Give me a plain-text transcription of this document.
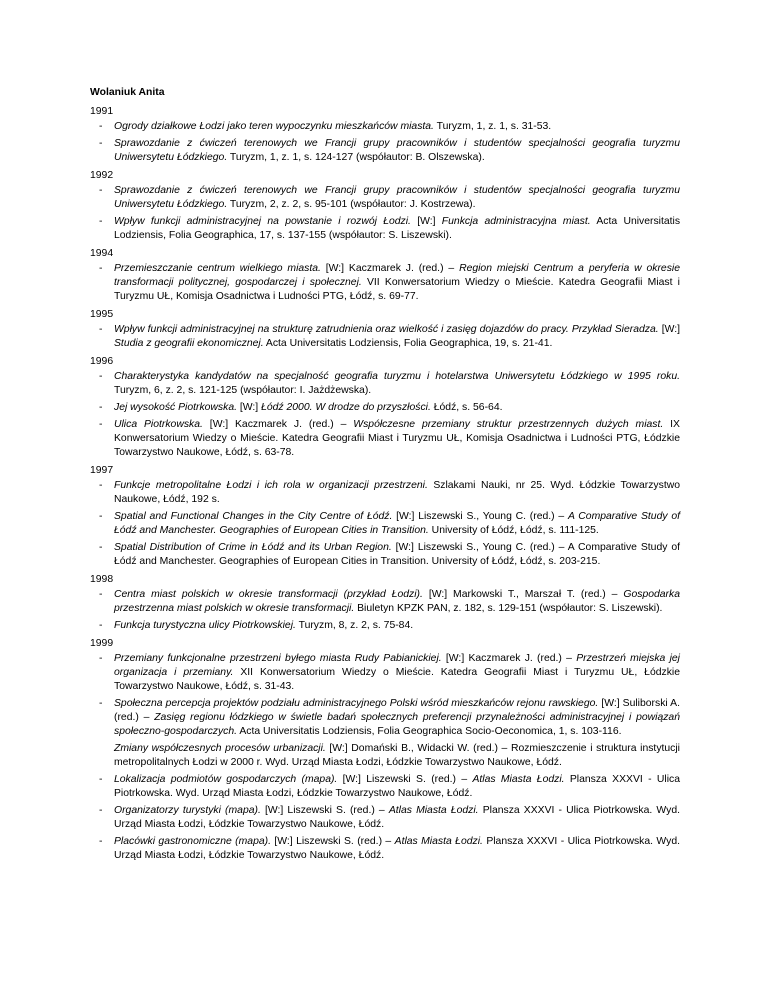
Wolaniuk Anita
1991
- Ogrody działkowe Łodzi jako teren wypoczynku mieszkańców miasta. Turyzm, 1, z. 1, s. 31-53.
- Sprawozdanie z ćwiczeń terenowych we Francji grupy pracowników i studentów specjalności geografia turyzmu Uniwersytetu Łódzkiego. Turyzm, 1, z. 1, s. 124-127 (współautor: B. Olszewska).
1992
- Sprawozdanie z ćwiczeń terenowych we Francji grupy pracowników i studentów specjalności geografia turyzmu Uniwersytetu Łódzkiego. Turyzm, 2, z. 2, s. 95-101 (współautor: J. Kostrzewa).
- Wpływ funkcji administracyjnej na powstanie i rozwój Łodzi. [W:] Funkcja administracyjna miast. Acta Universitatis Lodziensis, Folia Geographica, 17, s. 137-155 (współautor: S. Liszewski).
1994
- Przemieszczanie centrum wielkiego miasta. [W:] Kaczmarek J. (red.) – Region miejski Centrum a peryferia w okresie transformacji politycznej, gospodarczej i społecznej. VII Konwersatorium Wiedzy o Mieście. Katedra Geografii Miast i Turyzmu UŁ, Komisja Osadnictwa i Ludności PTG, Łódź, s. 69-77.
1995
- Wpływ funkcji administracyjnej na strukturę zatrudnienia oraz wielkość i zasięg dojazdów do pracy. Przykład Sieradza. [W:] Studia z geografii ekonomicznej. Acta Universitatis Lodziensis, Folia Geographica, 19, s. 21-41.
1996
- Charakterystyka kandydatów na specjalność geografia turyzmu i hotelarstwa Uniwersytetu Łódzkiego w 1995 roku. Turyzm, 6, z. 2, s. 121-125 (współautor: I. Jażdżewska).
- Jej wysokość Piotrkowska. [W:] Łódź 2000. W drodze do przyszłości. Łódź, s. 56-64.
- Ulica Piotrkowska. [W:] Kaczmarek J. (red.) – Współczesne przemiany struktur przestrzennych dużych miast. IX Konwersatorium Wiedzy o Mieście. Katedra Geografii Miast i Turyzmu UŁ, Komisja Osadnictwa i Ludności PTG, Łódzkie Towarzystwo Naukowe, Łódź, s. 63-78.
1997
- Funkcje metropolitalne Łodzi i ich rola w organizacji przestrzeni. Szlakami Nauki, nr 25. Wyd. Łódzkie Towarzystwo Naukowe, Łódź, 192 s.
- Spatial and Functional Changes in the City Centre of Łódź. [W:] Liszewski S., Young C. (red.) – A Comparative Study of Łódź and Manchester. Geographies of European Cities in Transition. University of Łódź, Łódź, s. 111-125.
- Spatial Distribution of Crime in Łódź and its Urban Region. [W:] Liszewski S., Young C. (red.) – A Comparative Study of Łódź and Manchester. Geographies of European Cities in Transition. University of Łódź, Łódź, s. 203-215.
1998
- Centra miast polskich w okresie transformacji (przykład Łodzi). [W:] Markowski T., Marszał T. (red.) – Gospodarka przestrzenna miast polskich w okresie transformacji. Biuletyn KPZK PAN, z. 182, s. 129-151 (współautor: S. Liszewski).
- Funkcja turystyczna ulicy Piotrkowskiej. Turyzm, 8, z. 2, s. 75-84.
1999
- Przemiany funkcjonalne przestrzeni byłego miasta Rudy Pabianickiej. [W:] Kaczmarek J. (red.) – Przestrzeń miejska jej organizacja i przemiany. XII Konwersatorium Wiedzy o Mieście. Katedra Geografii Miast i Turyzmu UŁ, Łódzkie Towarzystwo Naukowe, Łódź, s. 31-43.
- Społeczna percepcja projektów podziału administracyjnego Polski wśród mieszkańców rejonu rawskiego. [W:] Suliborski A. (red.) – Zasięg regionu łódzkiego w świetle badań społecznych preferencji przynależności administracyjnej i powiązań społeczno-gospodarczych. Acta Universitatis Lodziensis, Folia Geographica Socio-Oeconomica, 1, s. 103-116.
Zmiany współczesnych procesów urbanizacji. [W:] Domański B., Widacki W. (red.) – Rozmieszczenie i struktura instytucji metropolitalnych Łodzi w 2000 r. Wyd. Urząd Miasta Łodzi, Łódzkie Towarzystwo Naukowe, Łódź.
- Lokalizacja podmiotów gospodarczych (mapa). [W:] Liszewski S. (red.) – Atlas Miasta Łodzi. Plansza XXXVI - Ulica Piotrkowska. Wyd. Urząd Miasta Łodzi, Łódzkie Towarzystwo Naukowe, Łódź.
- Organizatorzy turystyki (mapa). [W:] Liszewski S. (red.) – Atlas Miasta Łodzi. Plansza XXXVI - Ulica Piotrkowska. Wyd. Urząd Miasta Łodzi, Łódzkie Towarzystwo Naukowe, Łódź.
- Placówki gastronomiczne (mapa). [W:] Liszewski S. (red.) – Atlas Miasta Łodzi. Plansza XXXVI - Ulica Piotrkowska. Wyd. Urząd Miasta Łodzi, Łódzkie Towarzystwo Naukowe, Łódź.
